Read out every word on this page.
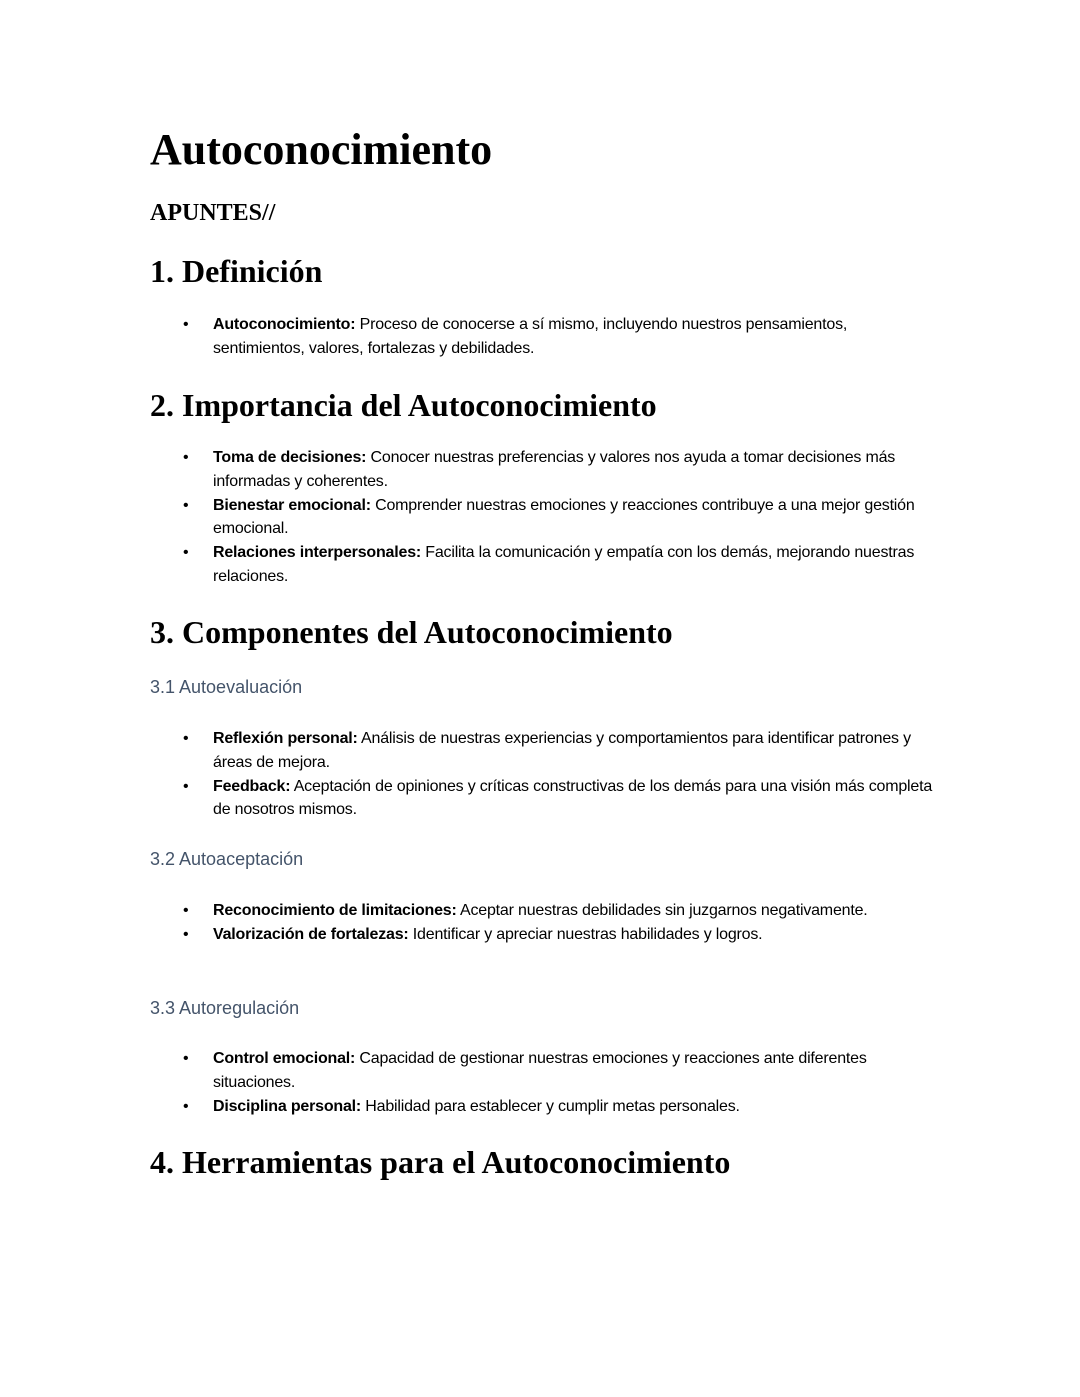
Autoconocimiento
APUNTES//
1. Definición
• Autoconocimiento: Proceso de conocerse a sí mismo, incluyendo nuestros pensamientos, sentimientos, valores, fortalezas y debilidades.
2. Importancia del Autoconocimiento
• Toma de decisiones: Conocer nuestras preferencias y valores nos ayuda a tomar decisiones más informadas y coherentes.
• Bienestar emocional: Comprender nuestras emociones y reacciones contribuye a una mejor gestión emocional.
• Relaciones interpersonales: Facilita la comunicación y empatía con los demás, mejorando nuestras relaciones.
3. Componentes del Autoconocimiento
3.1 Autoevaluación
• Reflexión personal: Análisis de nuestras experiencias y comportamientos para identificar patrones y áreas de mejora.
• Feedback: Aceptación de opiniones y críticas constructivas de los demás para una visión más completa de nosotros mismos.
3.2 Autoaceptación
• Reconocimiento de limitaciones: Aceptar nuestras debilidades sin juzgarnos negativamente.
• Valorización de fortalezas: Identificar y apreciar nuestras habilidades y logros.
3.3 Autoregulación
• Control emocional: Capacidad de gestionar nuestras emociones y reacciones ante diferentes situaciones.
• Disciplina personal: Habilidad para establecer y cumplir metas personales.
4. Herramientas para el Autoconocimiento
